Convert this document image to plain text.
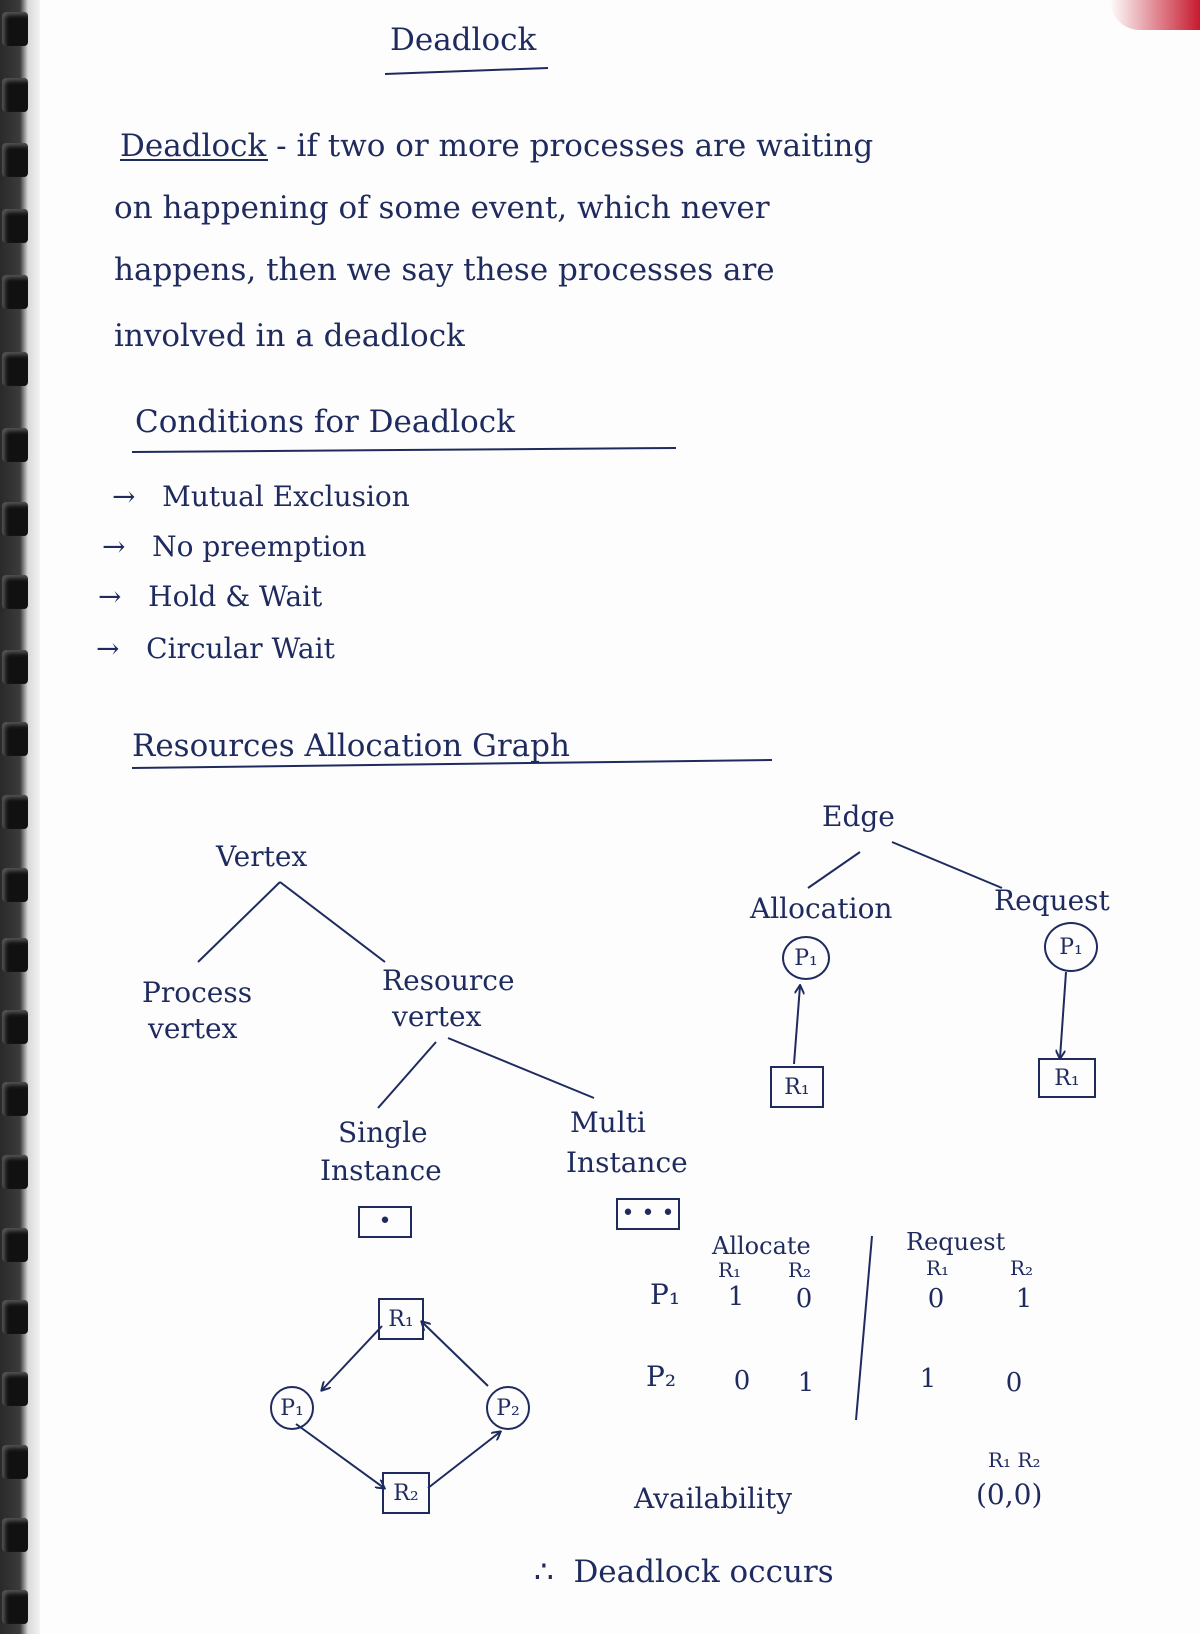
Deadlock
Deadlock - if two or more processes are waiting
on happening of some event, which never
happens, then we say these processes are
involved in a deadlock
Conditions for Deadlock
→ Mutual Exclusion
→ No preemption
→ Hold & Wait
→ Circular Wait
Resources Allocation Graph
Vertex
Process
vertex
Resource
vertex
Single
Instance
Multi
Instance
•	• • •
Edge
Allocation	Request
P₁
R₁
P₁
R₁
R₁
R₂
P₁	P₂
Allocate
R₁ R₂
Request
R₁	R₂
P₁	1	0	0	1
P₂	0	1	1	0
R₁ R₂
Availability	(0,0)
∴ Deadlock occurs
